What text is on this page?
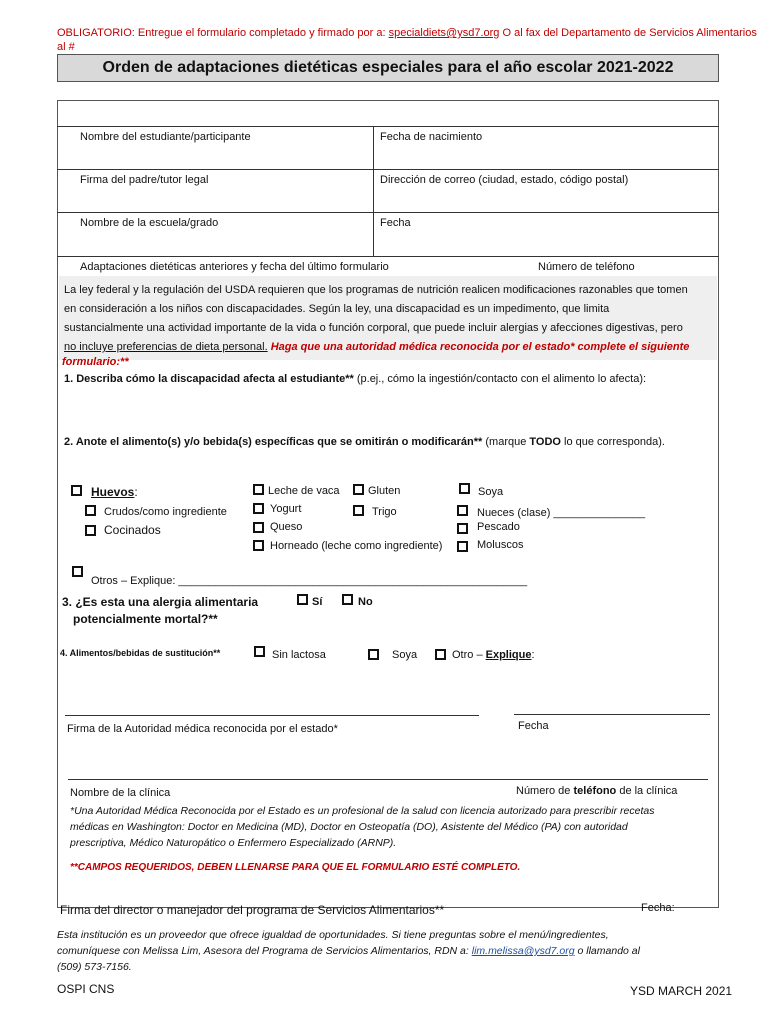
OBLIGATORIO: Entregue el formulario completado y firmado por a: specialdiets@ysd7.org O al fax del Departamento de Servicios Alimentarios al #

Orden de adaptaciones dietéticas especiales para el año escolar 2021-2022
Nombre del estudiante/participante	Fecha de nacimiento
Firma del padre/tutor legal	Dirección de correo (ciudad, estado, código postal)
Nombre de la escuela/grado	Fecha
Adaptaciones dietéticas anteriores y fecha del último formulario	Número de teléfono
La ley federal y la regulación del USDA requieren que los programas de nutrición realicen modificaciones razonables que tomen
en consideración a los niños con discapacidades. Según la ley, una discapacidad es un impedimento, que limita
sustancialmente una actividad importante de la vida o función corporal, que puede incluir alergias y afecciones digestivas, pero
no incluye preferencias de dieta personal. Haga que una autoridad médica reconocida por el estado* complete el siguiente
formulario:**
1. Describa cómo la discapacidad afecta al estudiante** (p.ej., cómo la ingestión/contacto con el alimento lo afecta):
2. Anote el alimento(s) y/o bebida(s) específicas que se omitirán o modificarán** (marque TODO lo que corresponda).
Huevos:
Crudos/como ingrediente
Cocinados
Leche de vaca
Yogurt
Queso
Horneado (leche como ingrediente)
Gluten
Trigo
Soya
Nueces (clase) _______________
Pescado
Moluscos
Otros – Explique: _________________________________________________________
3. ¿Es esta una alergia alimentaria
potencialmente mortal?**
Sí	No
4. Alimentos/bebidas de sustitución**	Sin lactosa	Soya	Otro – Explique:
Firma de la Autoridad médica reconocida por el estado*	Fecha
Nombre de la clínica	Número de teléfono de la clínica
*Una Autoridad Médica Reconocida por el Estado es un profesional de la salud con licencia autorizado para prescribir recetas
médicas en Washington: Doctor en Medicina (MD), Doctor en Osteopatía (DO), Asistente del Médico (PA) con autoridad
prescriptiva, Médico Naturopático o Enfermero Especializado (ARNP).
**CAMPOS REQUERIDOS, DEBEN LLENARSE PARA QUE EL FORMULARIO ESTÉ COMPLETO.
Firma del director o manejador del programa de Servicios Alimentarios**	Fecha:
Esta institución es un proveedor que ofrece igualdad de oportunidades. Si tiene preguntas sobre el menú/ingredientes,
comuníquese con Melissa Lim, Asesora del Programa de Servicios Alimentarios, RDN a: lim.melissa@ysd7.org o llamando al
(509) 573-7156.
OSPI CNS	YSD MARCH 2021
